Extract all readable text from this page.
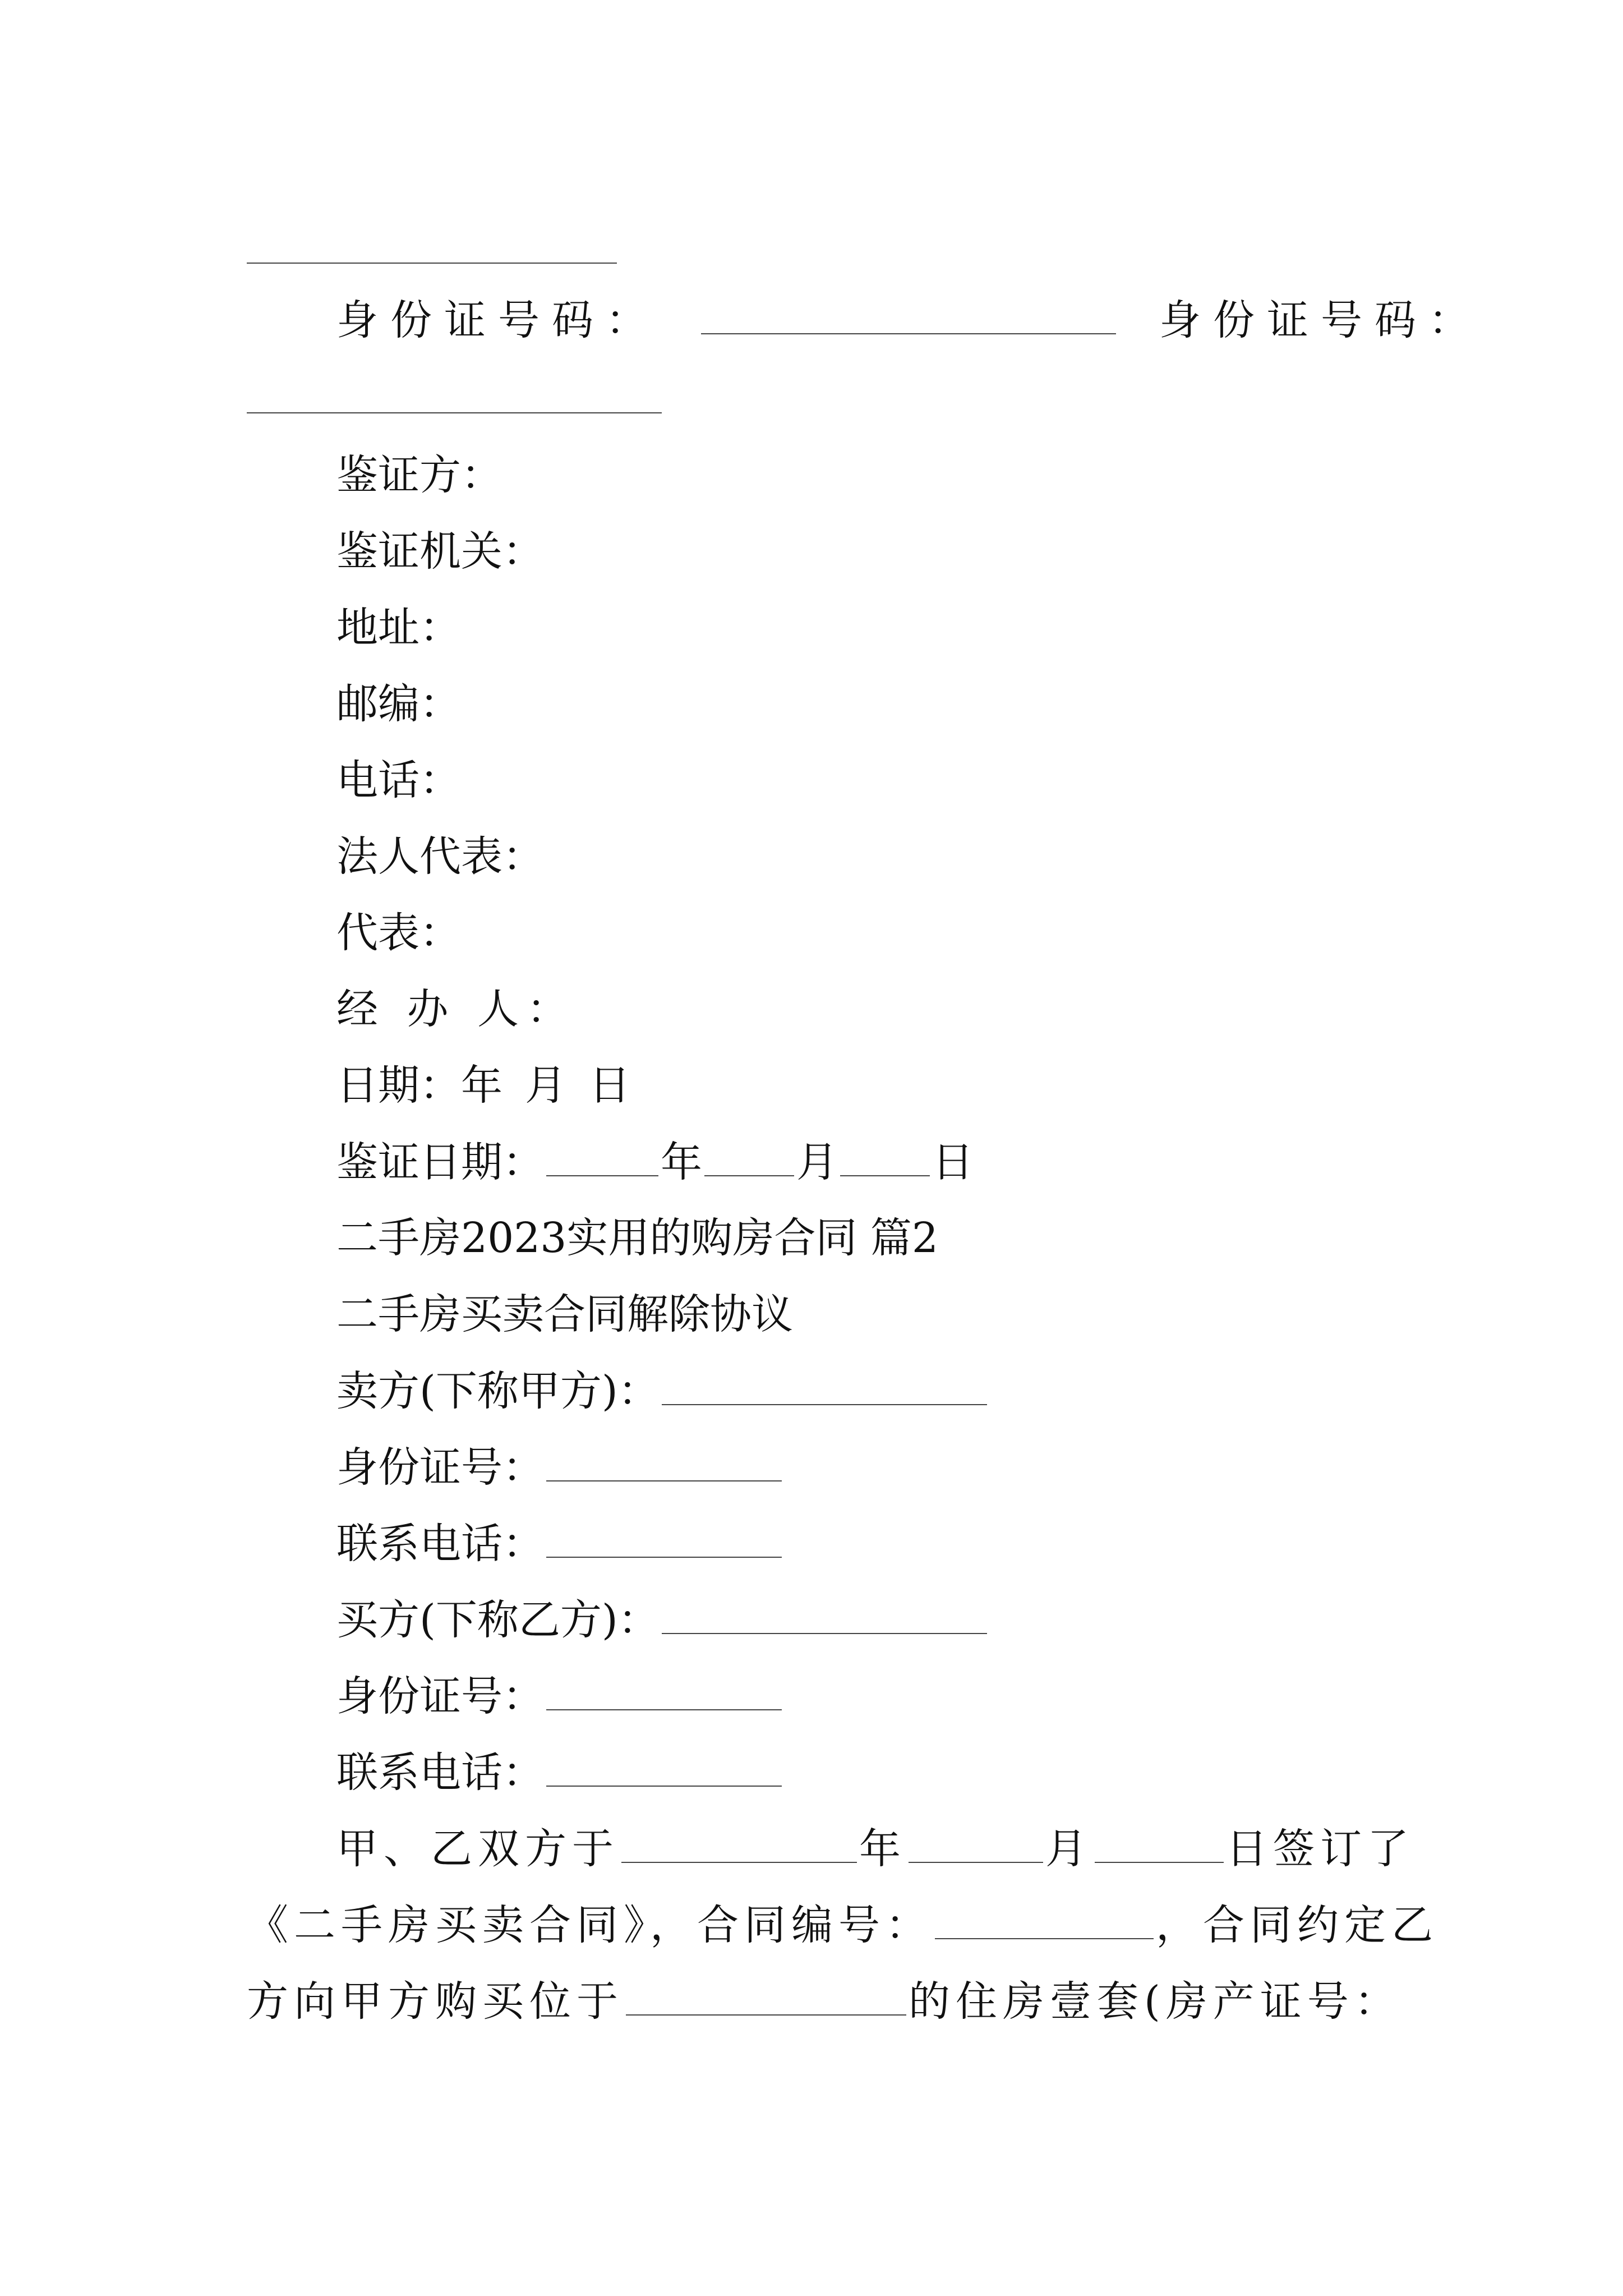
身份证号码：	身份证号码：
鉴证方：
鉴证机关：
地址：
邮编：
电话：
法人代表：
代表：
经 办 人：
日期：年 月 日
鉴证日期：	年 月 日
二手房2023实用的购房合同 篇2
二手房买卖合同解除协议
卖方(下称甲方)：
身份证号：
联系电话：
买方(下称乙方)：
身份证号：
联系电话：
甲、乙双方于	年	月	日签订了
《二手房买卖合同》，合同编号：	，合同约定乙
方向甲方购买位于	的住房壹套(房产证号：
